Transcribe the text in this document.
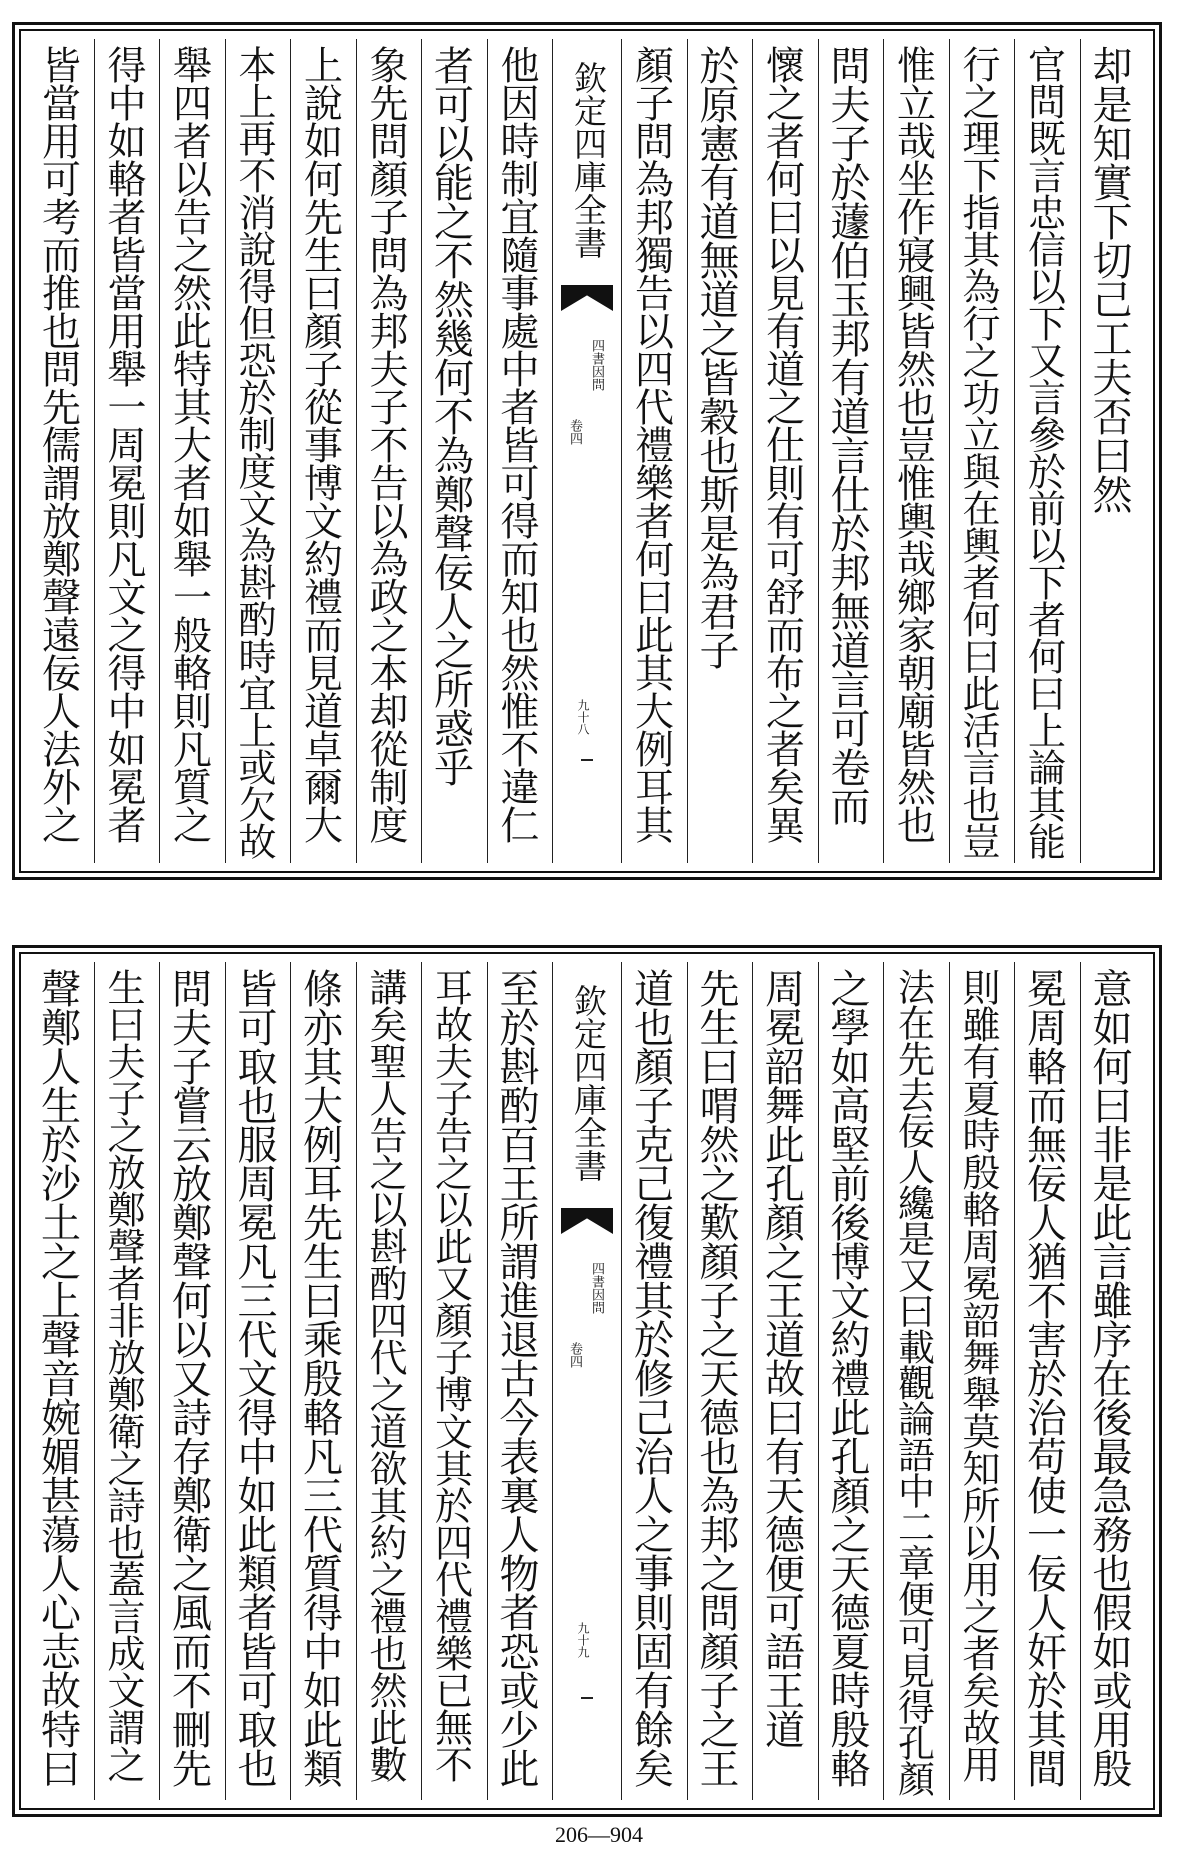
却是知實下切己工夫否曰然
官問既言忠信以下又言參於前以下者何曰上論其能
行之理下指其為行之功立與在輿者何曰此活言也豈
惟立哉坐作寢興皆然也豈惟輿哉鄉家朝廟皆然也
問夫子於蘧伯玉邦有道言仕於邦無道言可卷而
懷之者何曰以見有道之仕則有可舒而布之者矣異
於原憲有道無道之皆穀也斯是為君子
顏子問為邦獨告以四代禮樂者何曰此其大例耳其
欽定四庫全書
四書因問
卷四
九十八
他因時制宜隨事處中者皆可得而知也然惟不違仁
者可以能之不然幾何不為鄭聲佞人之所惑乎
象先問顏子問為邦夫子不告以為政之本却從制度
上說如何先生曰顏子從事博文約禮而見道卓爾大
本上再不消說得但恐於制度文為斟酌時宜上或欠故
舉四者以告之然此特其大者如舉一般輅則凡質之
得中如輅者皆當用舉一周冕則凡文之得中如冕者
皆當用可考而推也問先儒謂放鄭聲遠佞人法外之
意如何曰非是此言雖序在後最急務也假如或用殷
冕周輅而無佞人猶不害於治苟使一佞人奸於其間
則雖有夏時殷輅周冕韶舞舉莫知所以用之者矣故用
法在先去佞人纔是又曰載觀論語中二章便可見得孔顏
之學如高堅前後博文約禮此孔顏之天德夏時殷輅
周冕韶舞此孔顏之王道故曰有天德便可語王道
先生曰喟然之歎顏子之天德也為邦之問顏子之王
道也顏子克己復禮其於修己治人之事則固有餘矣
欽定四庫全書
四書因問
卷四
九十九
至於斟酌百王所謂進退古今表裏人物者恐或少此
耳故夫子告之以此又顏子博文其於四代禮樂已無不
講矣聖人告之以斟酌四代之道欲其約之禮也然此數
條亦其大例耳先生曰乘殷輅凡三代質得中如此類
皆可取也服周冕凡三代文得中如此類者皆可取也
問夫子嘗云放鄭聲何以又詩存鄭衛之風而不刪先
生曰夫子之放鄭聲者非放鄭衛之詩也蓋言成文謂之
聲鄭人生於沙土之上聲音婉媚甚蕩人心志故特曰
206—904
